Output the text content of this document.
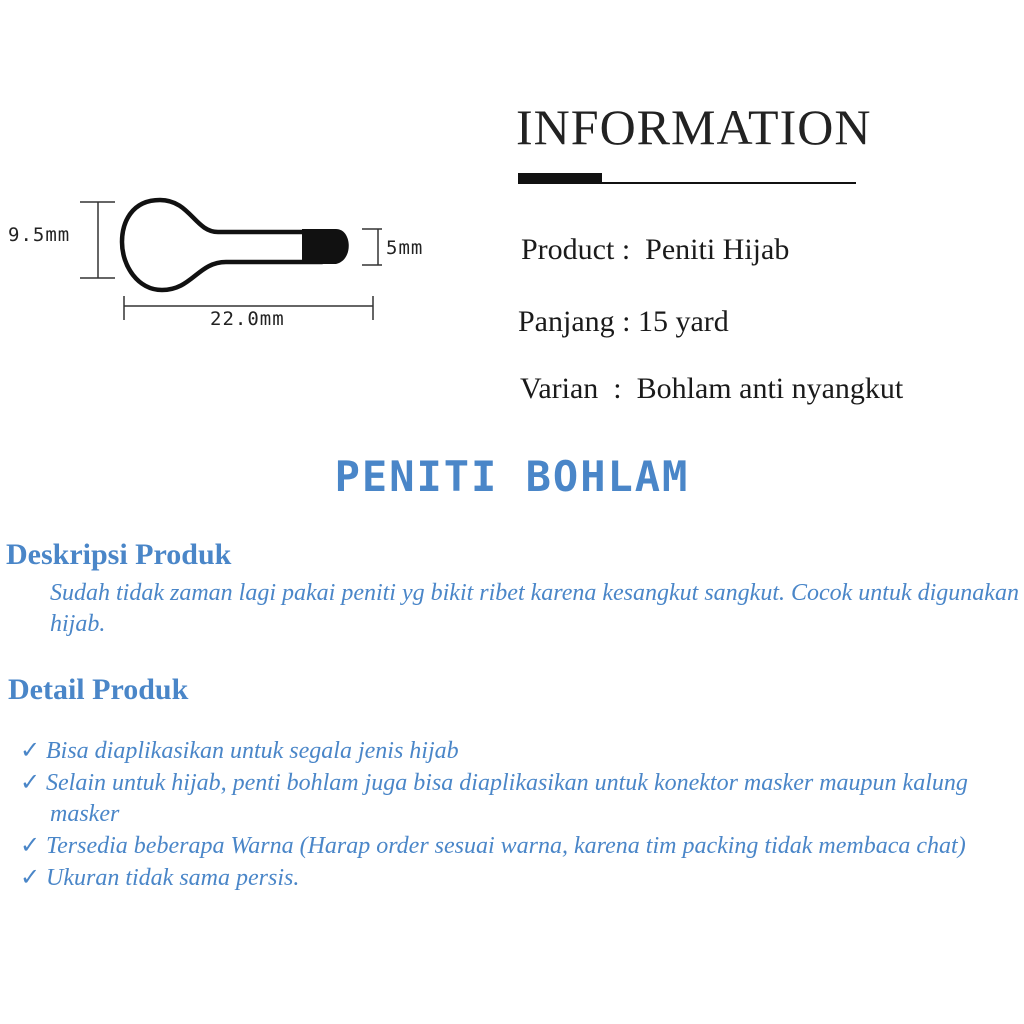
9.5mm
22.0mm
5mm
INFORMATION
Product :  Peniti Hijab
Panjang : 15 yard
Varian  :  Bohlam anti nyangkut
PENITI BOHLAM
Deskripsi Produk

Sudah tidak zaman lagi pakai peniti yg bikit ribet karena kesangkut sangkut. Cocok untuk digunakan hijab.

Detail Produk
✓ Bisa diaplikasikan untuk segala jenis hijab
✓ Selain untuk hijab, penti bohlam juga bisa diaplikasikan untuk konektor masker maupun kalung masker
✓ Tersedia beberapa Warna (Harap order sesuai warna, karena tim packing tidak membaca chat)
✓ Ukuran tidak sama persis.
